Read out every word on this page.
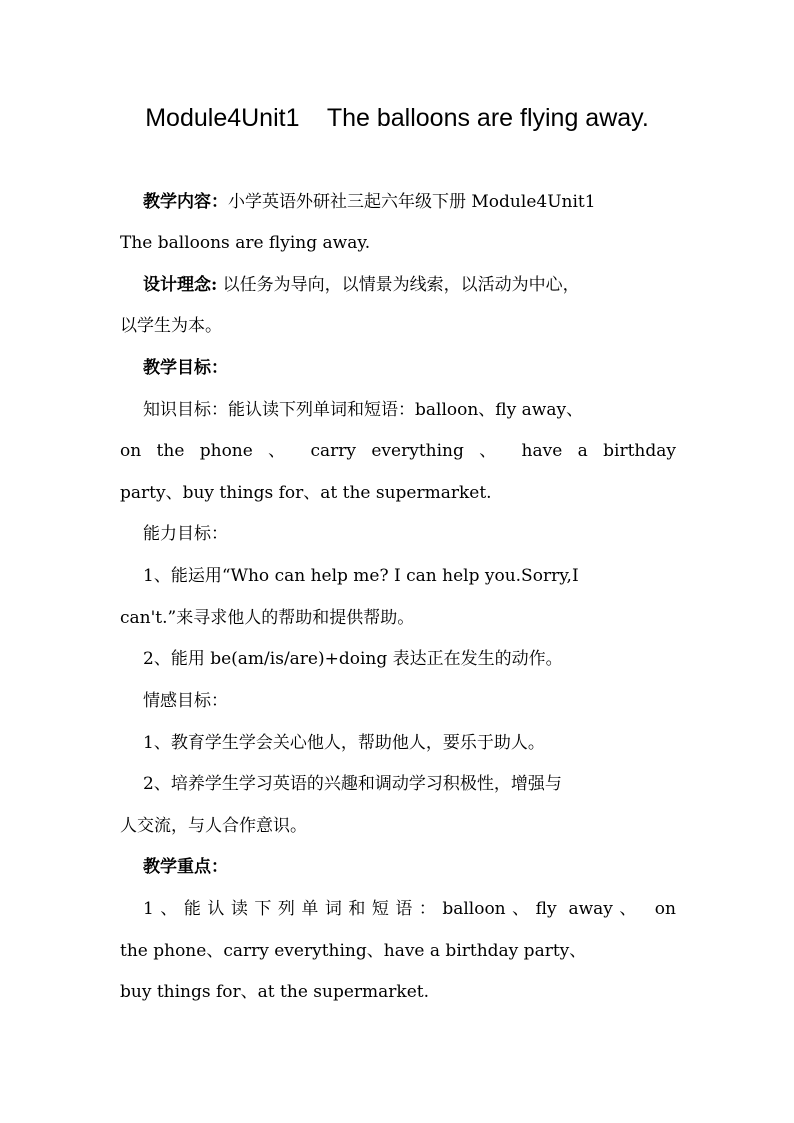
Module4Unit1    The balloons are flying away.
教学内容：小学英语外研社三起六年级下册 Module4Unit1
The balloons are flying away.
设计理念: 以任务为导向，以情景为线索，以活动为中心，
以学生为本。
教学目标：
知识目标：能认读下列单词和短语：balloon、fly away、
on the phone 、 carry everything 、 have a birthday
party、buy things for、at the supermarket.
能力目标：
1、能运用“Who can help me? I can help you.Sorry,I
can't.”来寻求他人的帮助和提供帮助。
2、能用 be(am/is/are)+doing 表达正在发生的动作。
情感目标：
1、教育学生学会关心他人，帮助他人，要乐于助人。
2、培养学生学习英语的兴趣和调动学习积极性，增强与
人交流，与人合作意识。
教学重点：
1、能认读下列单词和短语：balloon、fly away、 on
the phone、carry everything、have a birthday party、
buy things for、at the supermarket.
